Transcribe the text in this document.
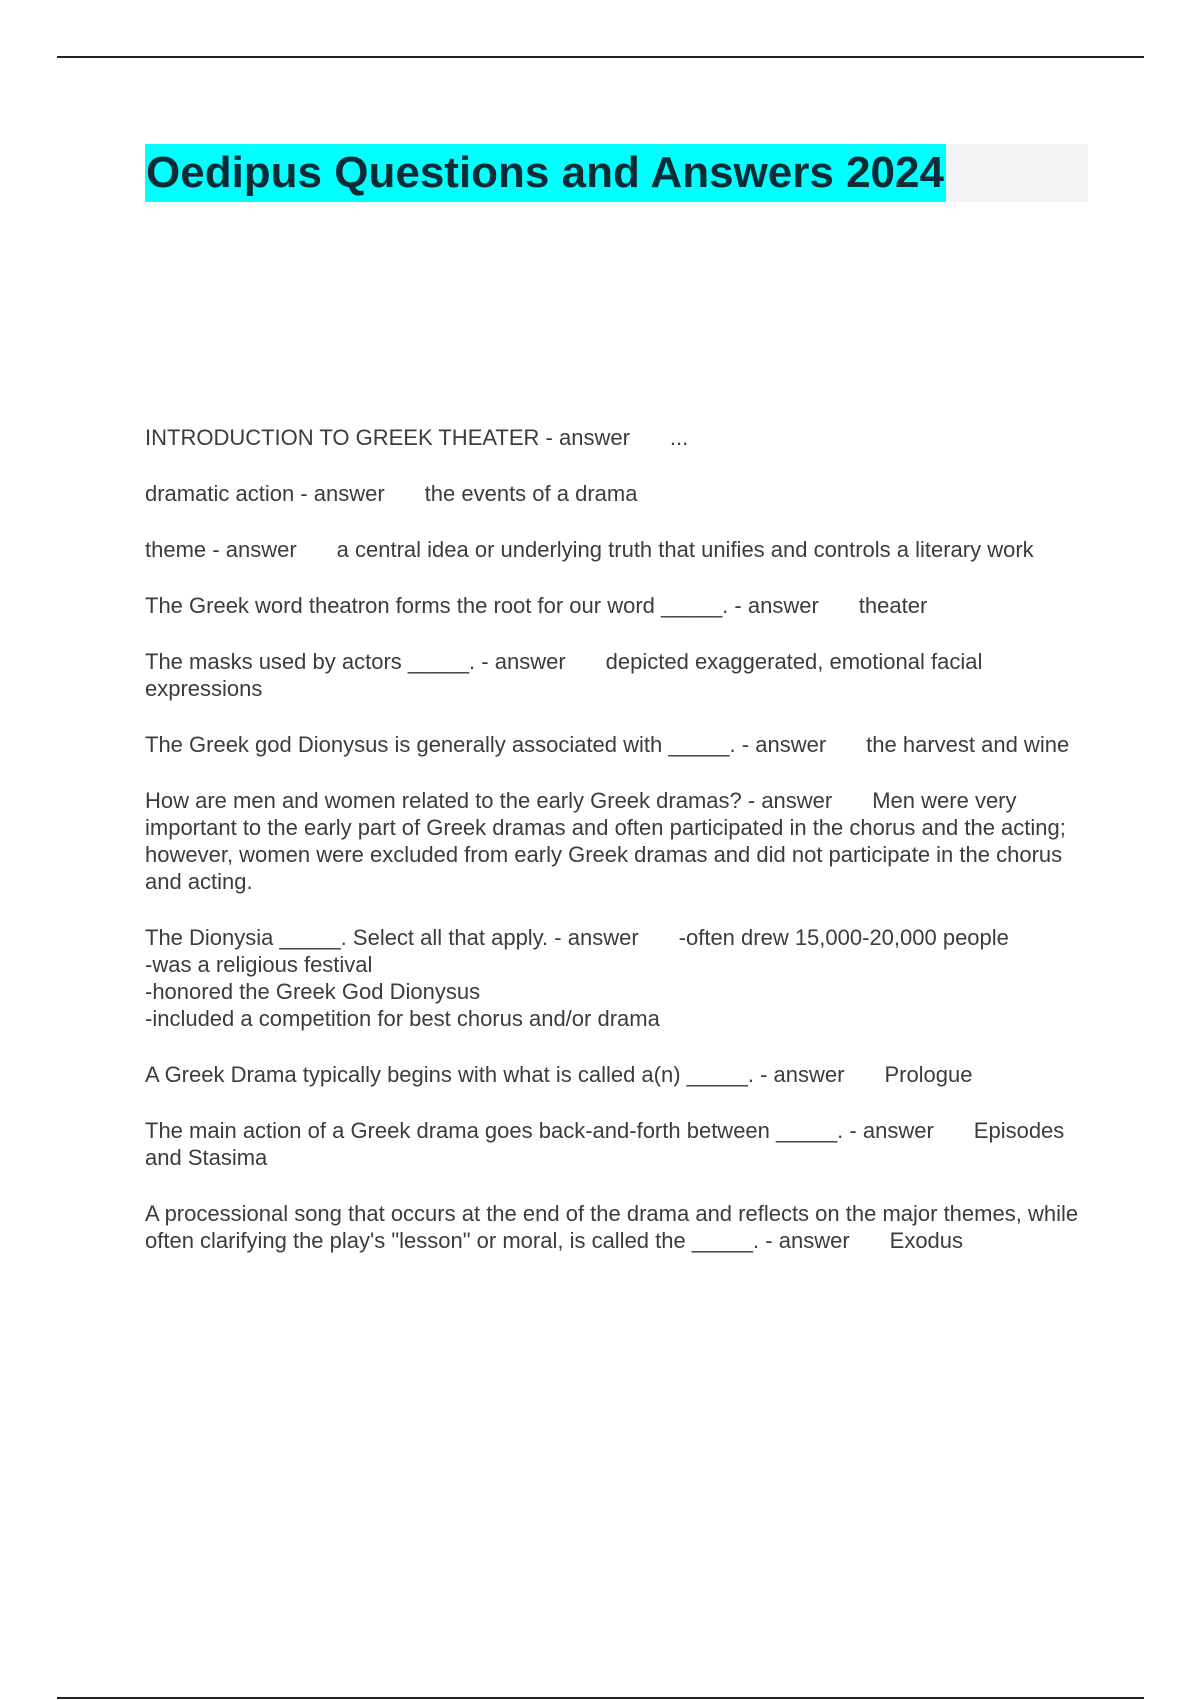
Oedipus Questions and Answers 2024
INTRODUCTION TO GREEK THEATER - answer ...
dramatic action - answer the events of a drama
theme - answer a central idea or underlying truth that unifies and controls a literary work
The Greek word theatron forms the root for our word _____. - answer theater
The masks used by actors _____. - answer depicted exaggerated, emotional facial expressions
The Greek god Dionysus is generally associated with _____. - answer the harvest and wine
How are men and women related to the early Greek dramas? - answer Men were very important to the early part of Greek dramas and often participated in the chorus and the acting; however, women were excluded from early Greek dramas and did not participate in the chorus and acting.
The Dionysia _____. Select all that apply. - answer -often drew 15,000-20,000 people
-was a religious festival
-honored the Greek God Dionysus
-included a competition for best chorus and/or drama
A Greek Drama typically begins with what is called a(n) _____. - answer Prologue
The main action of a Greek drama goes back-and-forth between _____. - answer Episodes and Stasima
A processional song that occurs at the end of the drama and reflects on the major themes, while often clarifying the play's "lesson" or moral, is called the _____. - answer Exodus
